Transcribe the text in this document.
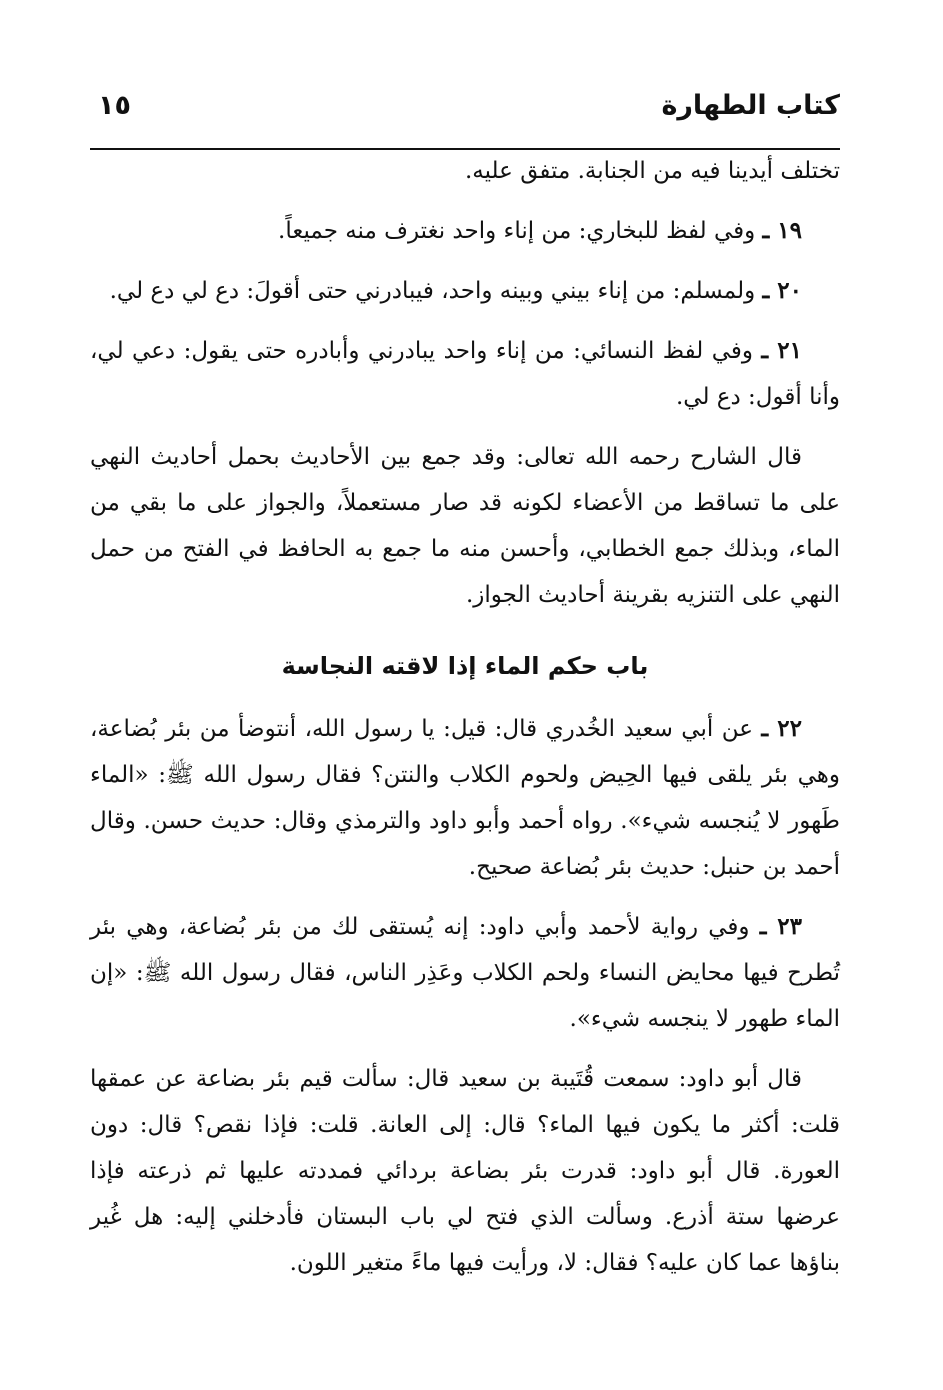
كتاب الطهارة
١٥

تختلف أيدينا فيه من الجنابة. متفق عليه.

١٩ ـ وفي لفظ للبخاري: من إناء واحد نغترف منه جميعاً.

٢٠ ـ ولمسلم: من إناء بيني وبينه واحد، فيبادرني حتى أقولَ: دع لي دع لي.

٢١ ـ وفي لفظ النسائي: من إناء واحد يبادرني وأبادره حتى يقول: دعي لي، وأنا أقول: دع لي.

قال الشارح رحمه الله تعالى: وقد جمع بين الأحاديث بحمل أحاديث النهي على ما تساقط من الأعضاء لكونه قد صار مستعملاً، والجواز على ما بقي من الماء، وبذلك جمع الخطابي، وأحسن منه ما جمع به الحافظ في الفتح من حمل النهي على التنزيه بقرينة أحاديث الجواز.

باب حكم الماء إذا لاقته النجاسة

٢٢ ـ عن أبي سعيد الخُدري قال: قيل: يا رسول الله، أنتوضأ من بئر بُضاعة، وهي بئر يلقى فيها الحِيض ولحوم الكلاب والنتن؟ فقال رسول الله ﷺ: «الماء طَهور لا يُنجسه شيء». رواه أحمد وأبو داود والترمذي وقال: حديث حسن. وقال أحمد بن حنبل: حديث بئر بُضاعة صحيح.

٢٣ ـ وفي رواية لأحمد وأبي داود: إنه يُستقى لك من بئر بُضاعة، وهي بئر تُطرح فيها محايض النساء ولحم الكلاب وعَذِر الناس، فقال رسول الله ﷺ: «إن الماء طهور لا ينجسه شيء».

قال أبو داود: سمعت قُتَيبة بن سعيد قال: سألت قيم بئر بضاعة عن عمقها قلت: أكثر ما يكون فيها الماء؟ قال: إلى العانة. قلت: فإذا نقص؟ قال: دون العورة. قال أبو داود: قدرت بئر بضاعة بردائي فمددته عليها ثم ذرعته فإذا عرضها ستة أذرع. وسألت الذي فتح لي باب البستان فأدخلني إليه: هل غُير بناؤها عما كان عليه؟ فقال: لا، ورأيت فيها ماءً متغير اللون.
